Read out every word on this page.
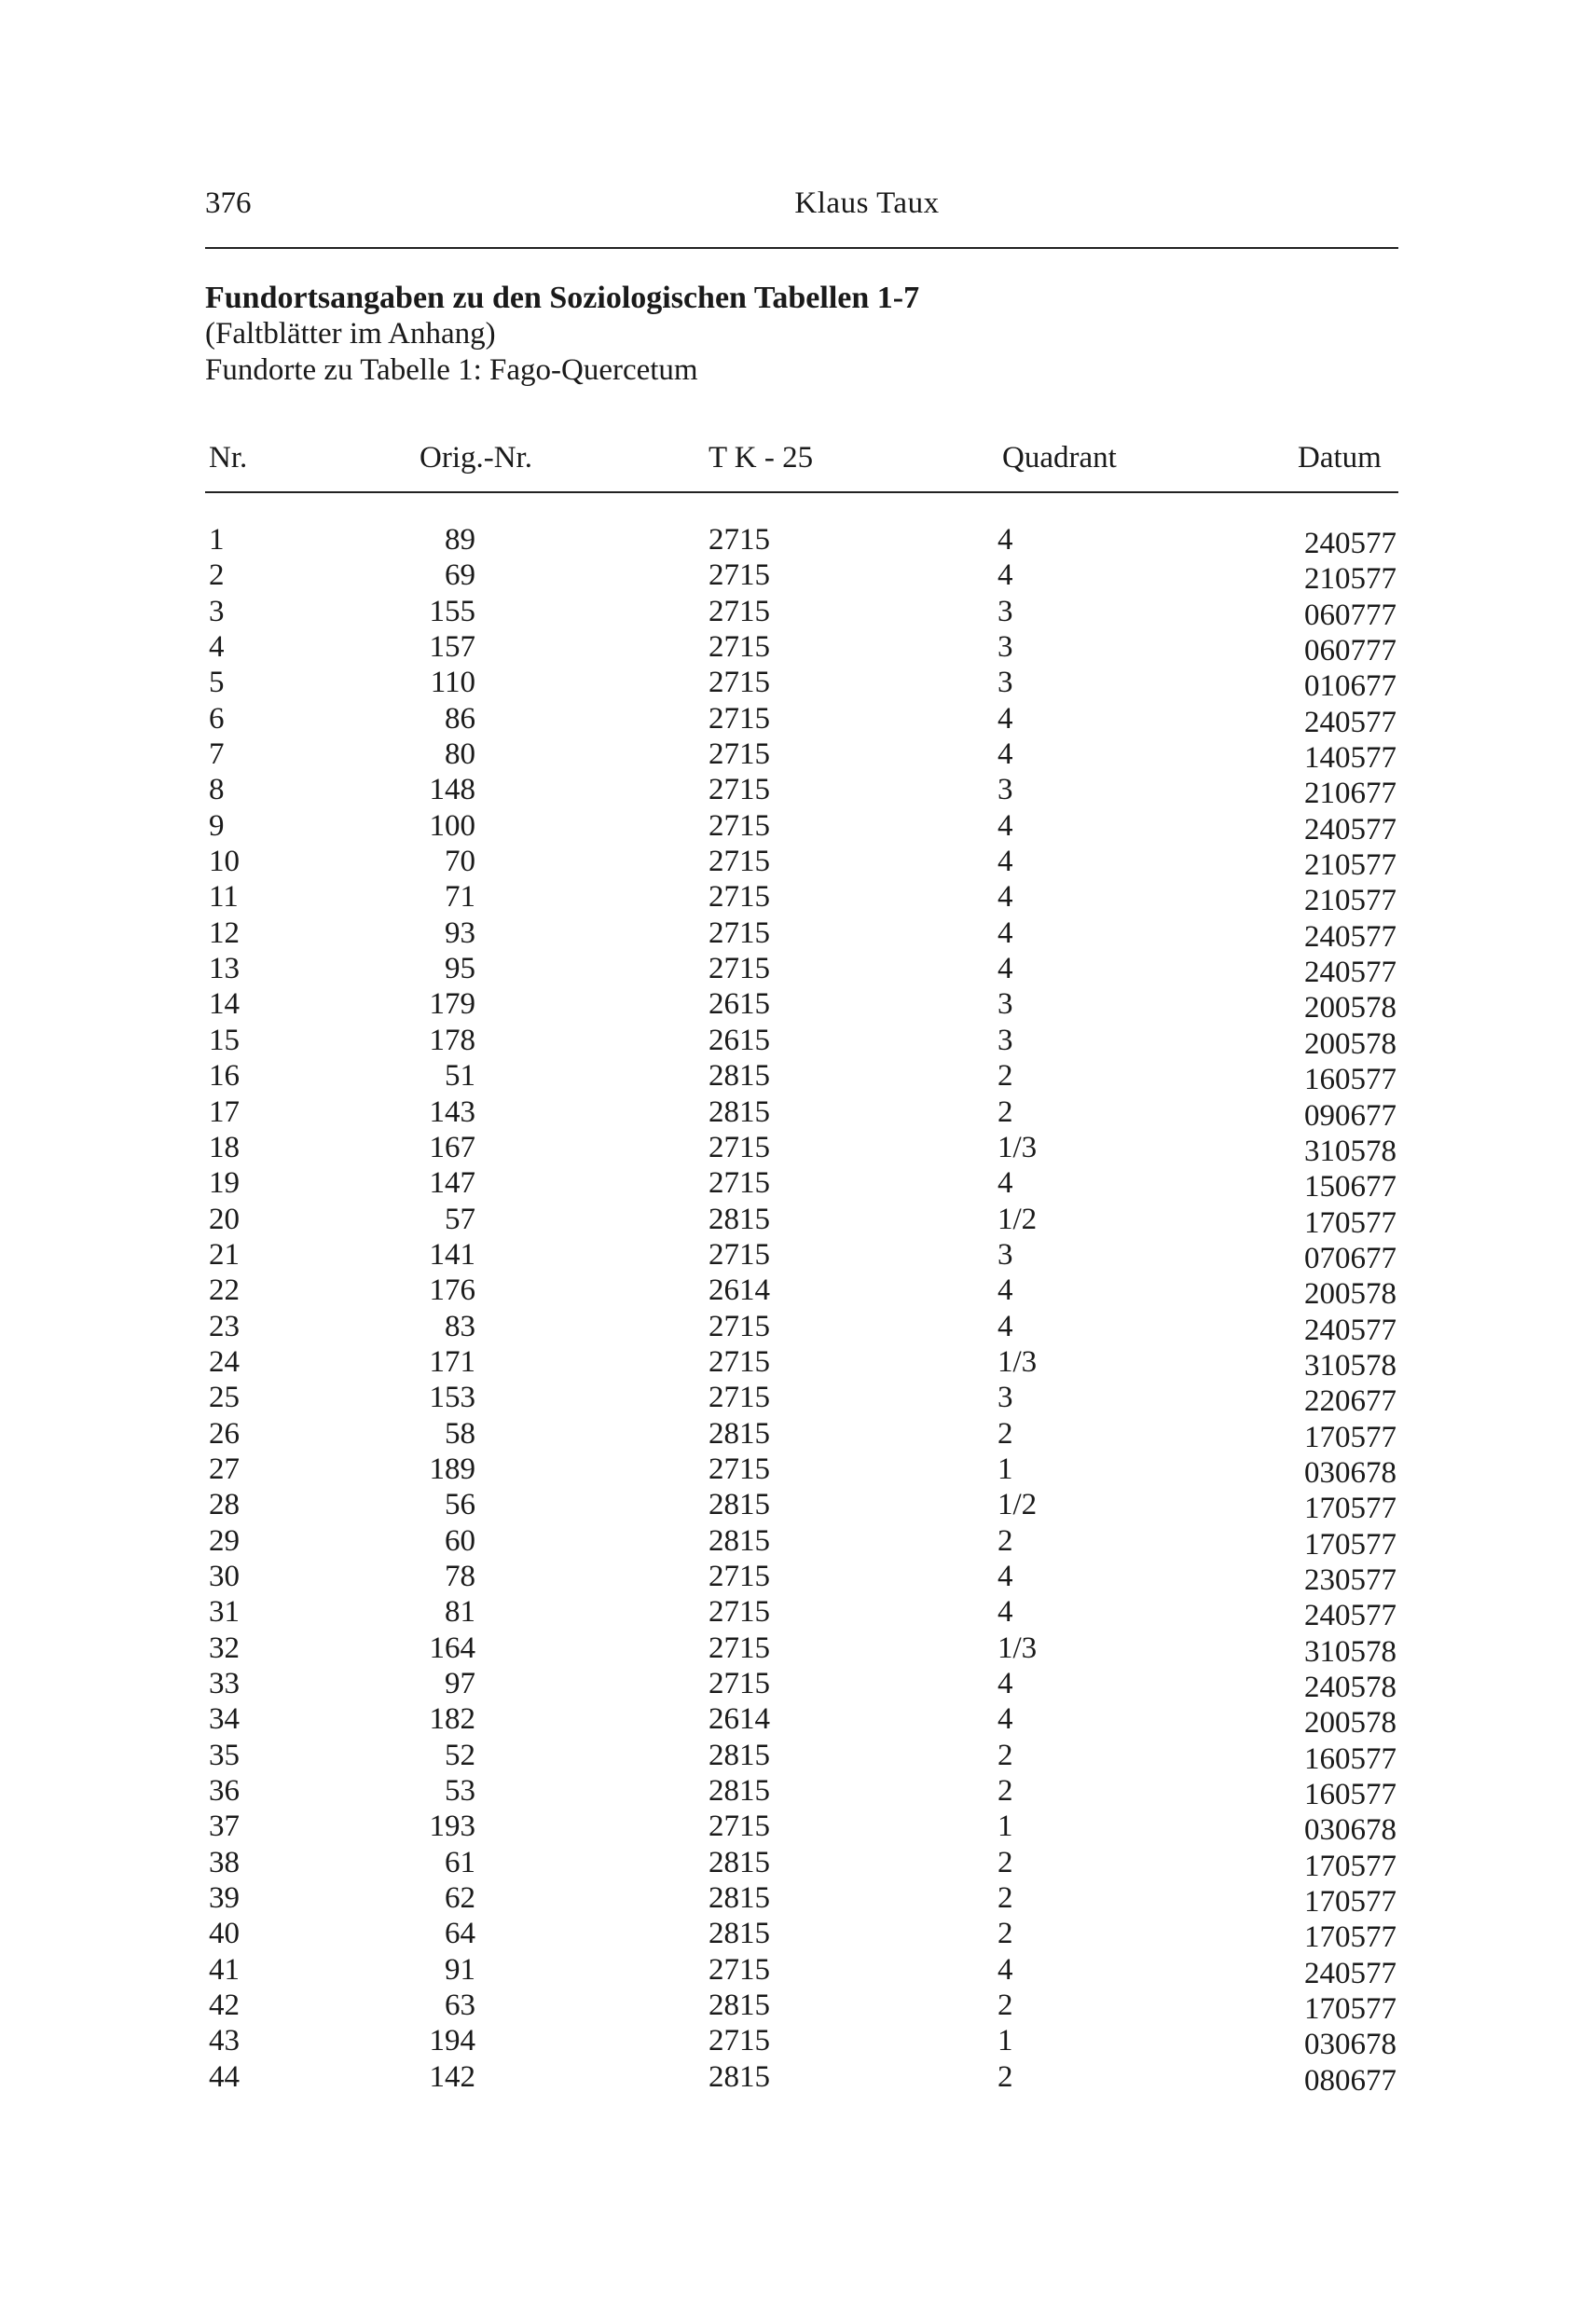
376	Klaus Taux
Fundortsangaben zu den Soziologischen Tabellen 1-7
(Faltblätter im Anhang)
Fundorte zu Tabelle 1: Fago-Quercetum
Nr.	Orig.-Nr.	T K - 25	Quadrant	Datum
1	89	2715	4	240577
2	69	2715	4	210577
3	155	2715	3	060777
4	157	2715	3	060777
5	110	2715	3	010677
6	86	2715	4	240577
7	80	2715	4	140577
8	148	2715	3	210677
9	100	2715	4	240577
10	70	2715	4	210577
11	71	2715	4	210577
12	93	2715	4	240577
13	95	2715	4	240577
14	179	2615	3	200578
15	178	2615	3	200578
16	51	2815	2	160577
17	143	2815	2	090677
18	167	2715	1/3	310578
19	147	2715	4	150677
20	57	2815	1/2	170577
21	141	2715	3	070677
22	176	2614	4	200578
23	83	2715	4	240577
24	171	2715	1/3	310578
25	153	2715	3	220677
26	58	2815	2	170577
27	189	2715	1	030678
28	56	2815	1/2	170577
29	60	2815	2	170577
30	78	2715	4	230577
31	81	2715	4	240577
32	164	2715	1/3	310578
33	97	2715	4	240578
34	182	2614	4	200578
35	52	2815	2	160577
36	53	2815	2	160577
37	193	2715	1	030678
38	61	2815	2	170577
39	62	2815	2	170577
40	64	2815	2	170577
41	91	2715	4	240577
42	63	2815	2	170577
43	194	2715	1	030678
44	142	2815	2	080677
